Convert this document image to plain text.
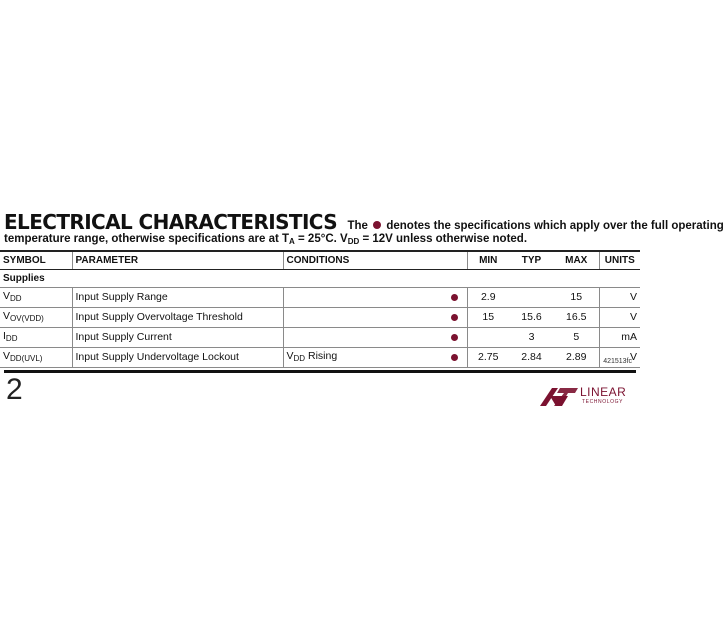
ELECTRICAL CHARACTERISTICS The denotes the specifications which apply over the full operating
temperature range, otherwise specifications are at $T_A = 25^\circ C$. $V_{DD} = 12V$ unless otherwise noted.
SYMBOL	PARAMETER	CONDITIONS		MIN	TYP	MAX	UNITS
Supplies							
$V_{DD}$	Input Supply Range			2.9		15	V
$V_{OV(VDD)}$	Input Supply Overvoltage Threshold			15	15.6	16.5	V
$I_{DD}$	Input Supply Current				3	5	mA
$V_{DD(UVL)}$	Input Supply Undervoltage Lockout	$V_{DD}$ Rising		2.75	2.84	2.89	V
421513fc
2	LINEAR
TECHNOLOGY
